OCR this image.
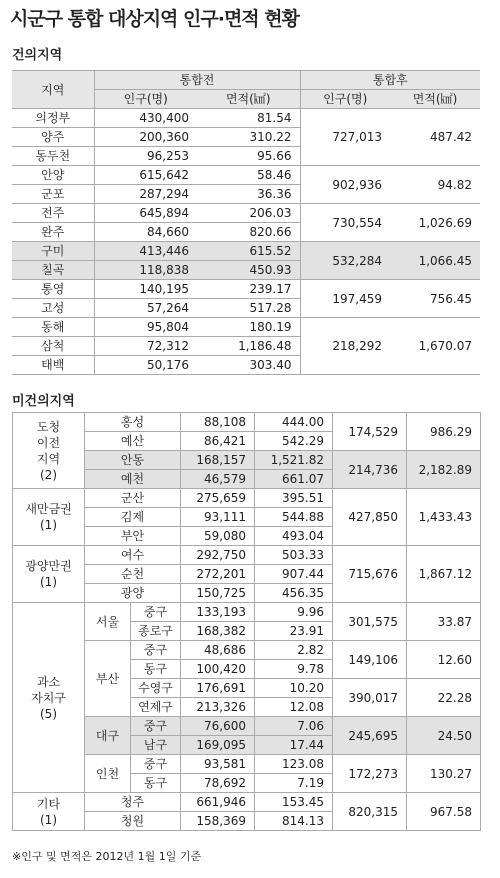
시군구 통합 대상지역 인구·면적 현황
건의지역
지역	통합전		통합후	
	인구(명)	면적(㎢)	인구(명)	면적(㎢)
의정부	430,400	81.54	727,013	487.42
양주	200,360	310.22		
동두천	96,253	95.66		
안양	615,642	58.46	902,936	94.82
군포	287,294	36.36		
전주	645,894	206.03	730,554	1,026.69
완주	84,660	820.66		
구미	413,446	615.52	532,284	1,066.45
칠곡	118,838	450.93		
통영	140,195	239.17	197,459	756.45
고성	57,264	517.28		
동해	95,804	180.19	218,292	1,670.07
삼척	72,312	1,186.48		
태백	50,176	303.40		
미건의지역
도청
이전
지역
(2)	홍성		88,108	444.00	174,529	986.29
	예산		86,421	542.29		
	안동		168,157	1,521.82	214,736	2,182.89
	예천		46,579	661.07		

새만금권
(1)	군산		275,659	395.51	427,850	1,433.43
	김제		93,111	544.88		
	부안		59,080	493.04		

광양만권
(1)	여수		292,750	503.33	715,676	1,867.12
	순천		272,201	907.44		
	광양		150,725	456.35		

과소
자치구
(5)	서울	중구	133,193	9.96	301,575	33.87
		종로구	168,382	23.91		
	부산	중구	48,686	2.82	149,106	12.60
		동구	100,420	9.78		
		수영구	176,691	10.20	390,017	22.28
		연제구	213,326	12.08		
	대구	중구	76,600	7.06	245,695	24.50
		남구	169,095	17.44		
	인천	중구	93,581	123.08	172,273	130.27
		동구	78,692	7.19		

기타
(1)	청주		661,946	153.45	820,315	967.58
	청원		158,369	814.13		
※인구 및 면적은 2012년 1월 1일 기준
